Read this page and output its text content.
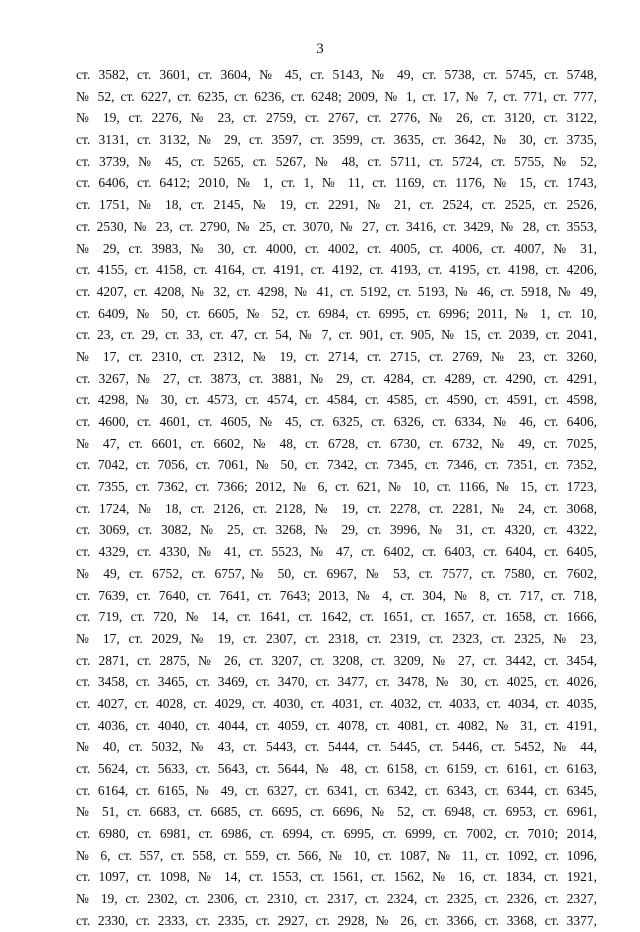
3
ст. 3582, ст. 3601, ст. 3604, № 45, ст. 5143, № 49, ст. 5738, ст. 5745, ст. 5748,
№ 52, ст. 6227, ст. 6235, ст. 6236, ст. 6248; 2009, № 1, ст. 17, № 7, ст. 771, ст. 777,
№ 19, ст. 2276, № 23, ст. 2759, ст. 2767, ст. 2776, № 26, ст. 3120, ст. 3122,
ст. 3131, ст. 3132, № 29, ст. 3597, ст. 3599, ст. 3635, ст. 3642, № 30, ст. 3735,
ст. 3739, № 45, ст. 5265, ст. 5267, № 48, ст. 5711, ст. 5724, ст. 5755, № 52,
ст. 6406, ст. 6412; 2010, № 1, ст. 1, № 11, ст. 1169, ст. 1176, № 15, ст. 1743,
ст. 1751, № 18, ст. 2145, № 19, ст. 2291, № 21, ст. 2524, ст. 2525, ст. 2526,
ст. 2530, № 23, ст. 2790, № 25, ст. 3070, № 27, ст. 3416, ст. 3429, № 28, ст. 3553,
№ 29, ст. 3983, № 30, ст. 4000, ст. 4002, ст. 4005, ст. 4006, ст. 4007, № 31,
ст. 4155, ст. 4158, ст. 4164, ст. 4191, ст. 4192, ст. 4193, ст. 4195, ст. 4198, ст. 4206,
ст. 4207, ст. 4208, № 32, ст. 4298, № 41, ст. 5192, ст. 5193, № 46, ст. 5918, № 49,
ст. 6409, № 50, ст. 6605, № 52, ст. 6984, ст. 6995, ст. 6996; 2011, № 1, ст. 10,
ст. 23, ст. 29, ст. 33, ст. 47, ст. 54, № 7, ст. 901, ст. 905, № 15, ст. 2039, ст. 2041,
№ 17, ст. 2310, ст. 2312, № 19, ст. 2714, ст. 2715, ст. 2769, № 23, ст. 3260,
ст. 3267, № 27, ст. 3873, ст. 3881, № 29, ст. 4284, ст. 4289, ст. 4290, ст. 4291,
ст. 4298, № 30, ст. 4573, ст. 4574, ст. 4584, ст. 4585, ст. 4590, ст. 4591, ст. 4598,
ст. 4600, ст. 4601, ст. 4605, № 45, ст. 6325, ст. 6326, ст. 6334, № 46, ст. 6406,
№ 47, ст. 6601, ст. 6602, № 48, ст. 6728, ст. 6730, ст. 6732, № 49, ст. 7025,
ст. 7042, ст. 7056, ст. 7061, № 50, ст. 7342, ст. 7345, ст. 7346, ст. 7351, ст. 7352,
ст. 7355, ст. 7362, ст. 7366; 2012, № 6, ст. 621, № 10, ст. 1166, № 15, ст. 1723,
ст. 1724, № 18, ст. 2126, ст. 2128, № 19, ст. 2278, ст. 2281, № 24, ст. 3068,
ст. 3069, ст. 3082, № 25, ст. 3268, № 29, ст. 3996, № 31, ст. 4320, ст. 4322,
ст. 4329, ст. 4330, № 41, ст. 5523, № 47, ст. 6402, ст. 6403, ст. 6404, ст. 6405,
№ 49, ст. 6752, ст. 6757,№ 50, ст. 6967, № 53, ст. 7577, ст. 7580, ст. 7602,
ст. 7639, ст. 7640, ст. 7641, ст. 7643; 2013, № 4, ст. 304, № 8, ст. 717, ст. 718,
ст. 719, ст. 720, № 14, ст. 1641, ст. 1642, ст. 1651, ст. 1657, ст. 1658, ст. 1666,
№ 17, ст. 2029, № 19, ст. 2307, ст. 2318, ст. 2319, ст. 2323, ст. 2325, № 23,
ст. 2871, ст. 2875, № 26, ст. 3207, ст. 3208, ст. 3209, № 27, ст. 3442, ст. 3454,
ст. 3458, ст. 3465, ст. 3469, ст. 3470, ст. 3477, ст. 3478, № 30, ст. 4025, ст. 4026,
ст. 4027, ст. 4028, ст. 4029, ст. 4030, ст. 4031, ст. 4032, ст. 4033, ст. 4034, ст. 4035,
ст. 4036, ст. 4040, ст. 4044, ст. 4059, ст. 4078, ст. 4081, ст. 4082, № 31, ст. 4191,
№ 40, ст. 5032, № 43, ст. 5443, ст. 5444, ст. 5445, ст. 5446, ст. 5452, № 44,
ст. 5624, ст. 5633, ст. 5643, ст. 5644, № 48, ст. 6158, ст. 6159, ст. 6161, ст. 6163,
ст. 6164, ст. 6165, № 49, ст. 6327, ст. 6341, ст. 6342, ст. 6343, ст. 6344, ст. 6345,
№ 51, ст. 6683, ст. 6685, ст. 6695, ст. 6696, № 52, ст. 6948, ст. 6953, ст. 6961,
ст. 6980, ст. 6981, ст. 6986, ст. 6994, ст. 6995, ст. 6999, ст. 7002, ст. 7010; 2014,
№ 6, ст. 557, ст. 558, ст. 559, ст. 566, № 10, ст. 1087, № 11, ст. 1092, ст. 1096,
ст. 1097, ст. 1098, № 14, ст. 1553, ст. 1561, ст. 1562, № 16, ст. 1834, ст. 1921,
№ 19, ст. 2302, ст. 2306, ст. 2310, ст. 2317, ст. 2324, ст. 2325, ст. 2326, ст. 2327,
ст. 2330, ст. 2333, ст. 2335, ст. 2927, ст. 2928, № 26, ст. 3366, ст. 3368, ст. 3377,
